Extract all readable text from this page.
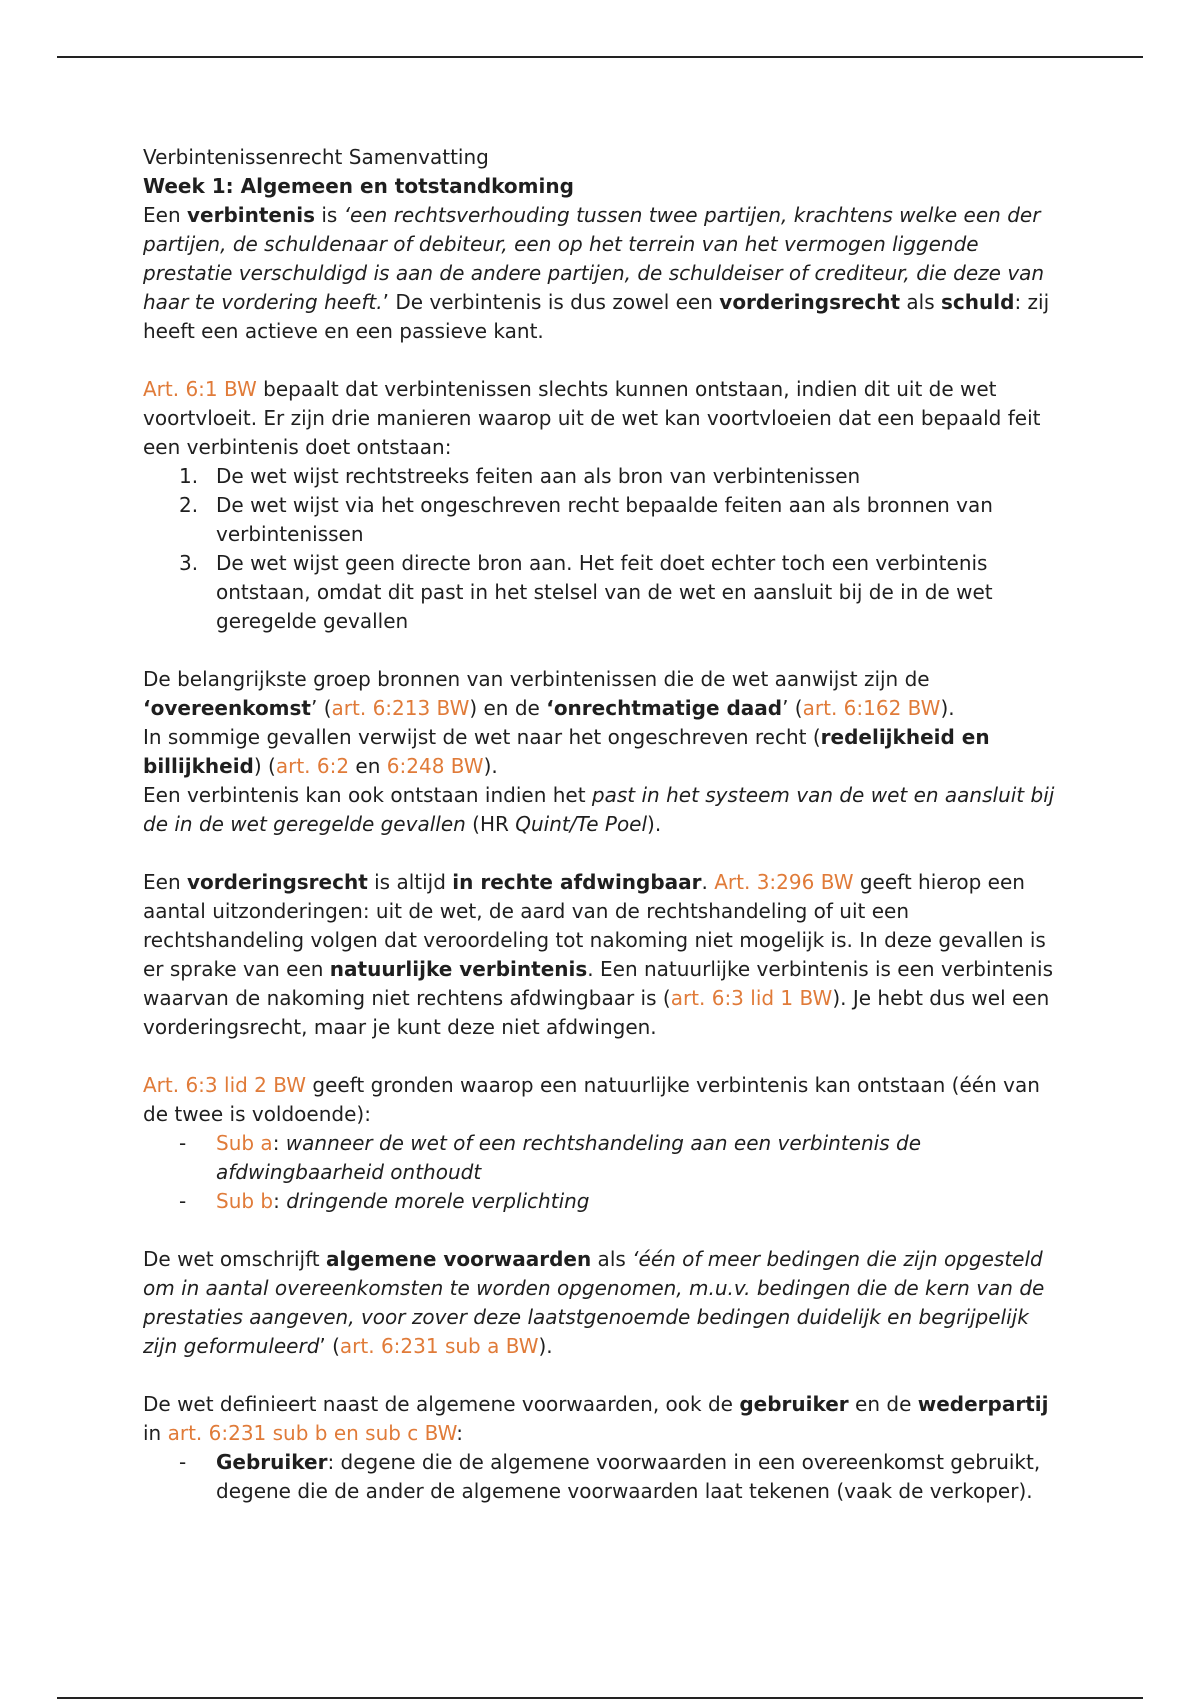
Verbintenissenrecht Samenvatting

Week 1: Algemeen en totstandkoming

Een verbintenis is ‘een rechtsverhouding tussen twee partijen, krachtens welke een der partijen, de schuldenaar of debiteur, een op het terrein van het vermogen liggende prestatie verschuldigd is aan de andere partijen, de schuldeiser of crediteur, die deze van haar te vordering heeft.’ De verbintenis is dus zowel een vorderingsrecht als schuld: zij heeft een actieve en een passieve kant.

Art. 6:1 BW bepaalt dat verbintenissen slechts kunnen ontstaan, indien dit uit de wet voortvloeit. Er zijn drie manieren waarop uit de wet kan voortvloeien dat een bepaald feit een verbintenis doet ontstaan:

1. De wet wijst rechtstreeks feiten aan als bron van verbintenissen
2. De wet wijst via het ongeschreven recht bepaalde feiten aan als bronnen van verbintenissen
3. De wet wijst geen directe bron aan. Het feit doet echter toch een verbintenis ontstaan, omdat dit past in het stelsel van de wet en aansluit bij de in de wet geregelde gevallen

De belangrijkste groep bronnen van verbintenissen die de wet aanwijst zijn de ‘overeenkomst’ (art. 6:213 BW) en de ‘onrechtmatige daad’ (art. 6:162 BW).

In sommige gevallen verwijst de wet naar het ongeschreven recht (redelijkheid en billijkheid) (art. 6:2 en 6:248 BW).

Een verbintenis kan ook ontstaan indien het past in het systeem van de wet en aansluit bij de in de wet geregelde gevallen (HR Quint/Te Poel).

Een vorderingsrecht is altijd in rechte afdwingbaar. Art. 3:296 BW geeft hierop een aantal uitzonderingen: uit de wet, de aard van de rechtshandeling of uit een rechtshandeling volgen dat veroordeling tot nakoming niet mogelijk is. In deze gevallen is er sprake van een natuurlijke verbintenis. Een natuurlijke verbintenis is een verbintenis waarvan de nakoming niet rechtens afdwingbaar is (art. 6:3 lid 1 BW). Je hebt dus wel een vorderingsrecht, maar je kunt deze niet afdwingen.

Art. 6:3 lid 2 BW geeft gronden waarop een natuurlijke verbintenis kan ontstaan (één van de twee is voldoende):

- Sub a: wanneer de wet of een rechtshandeling aan een verbintenis de afdwingbaarheid onthoudt
- Sub b: dringende morele verplichting

De wet omschrijft algemene voorwaarden als ‘één of meer bedingen die zijn opgesteld om in aantal overeenkomsten te worden opgenomen, m.u.v. bedingen die de kern van de prestaties aangeven, voor zover deze laatstgenoemde bedingen duidelijk en begrijpelijk zijn geformuleerd’ (art. 6:231 sub a BW).

De wet definieert naast de algemene voorwaarden, ook de gebruiker en de wederpartij in art. 6:231 sub b en sub c BW:

- Gebruiker: degene die de algemene voorwaarden in een overeenkomst gebruikt, degene die de ander de algemene voorwaarden laat tekenen (vaak de verkoper).
